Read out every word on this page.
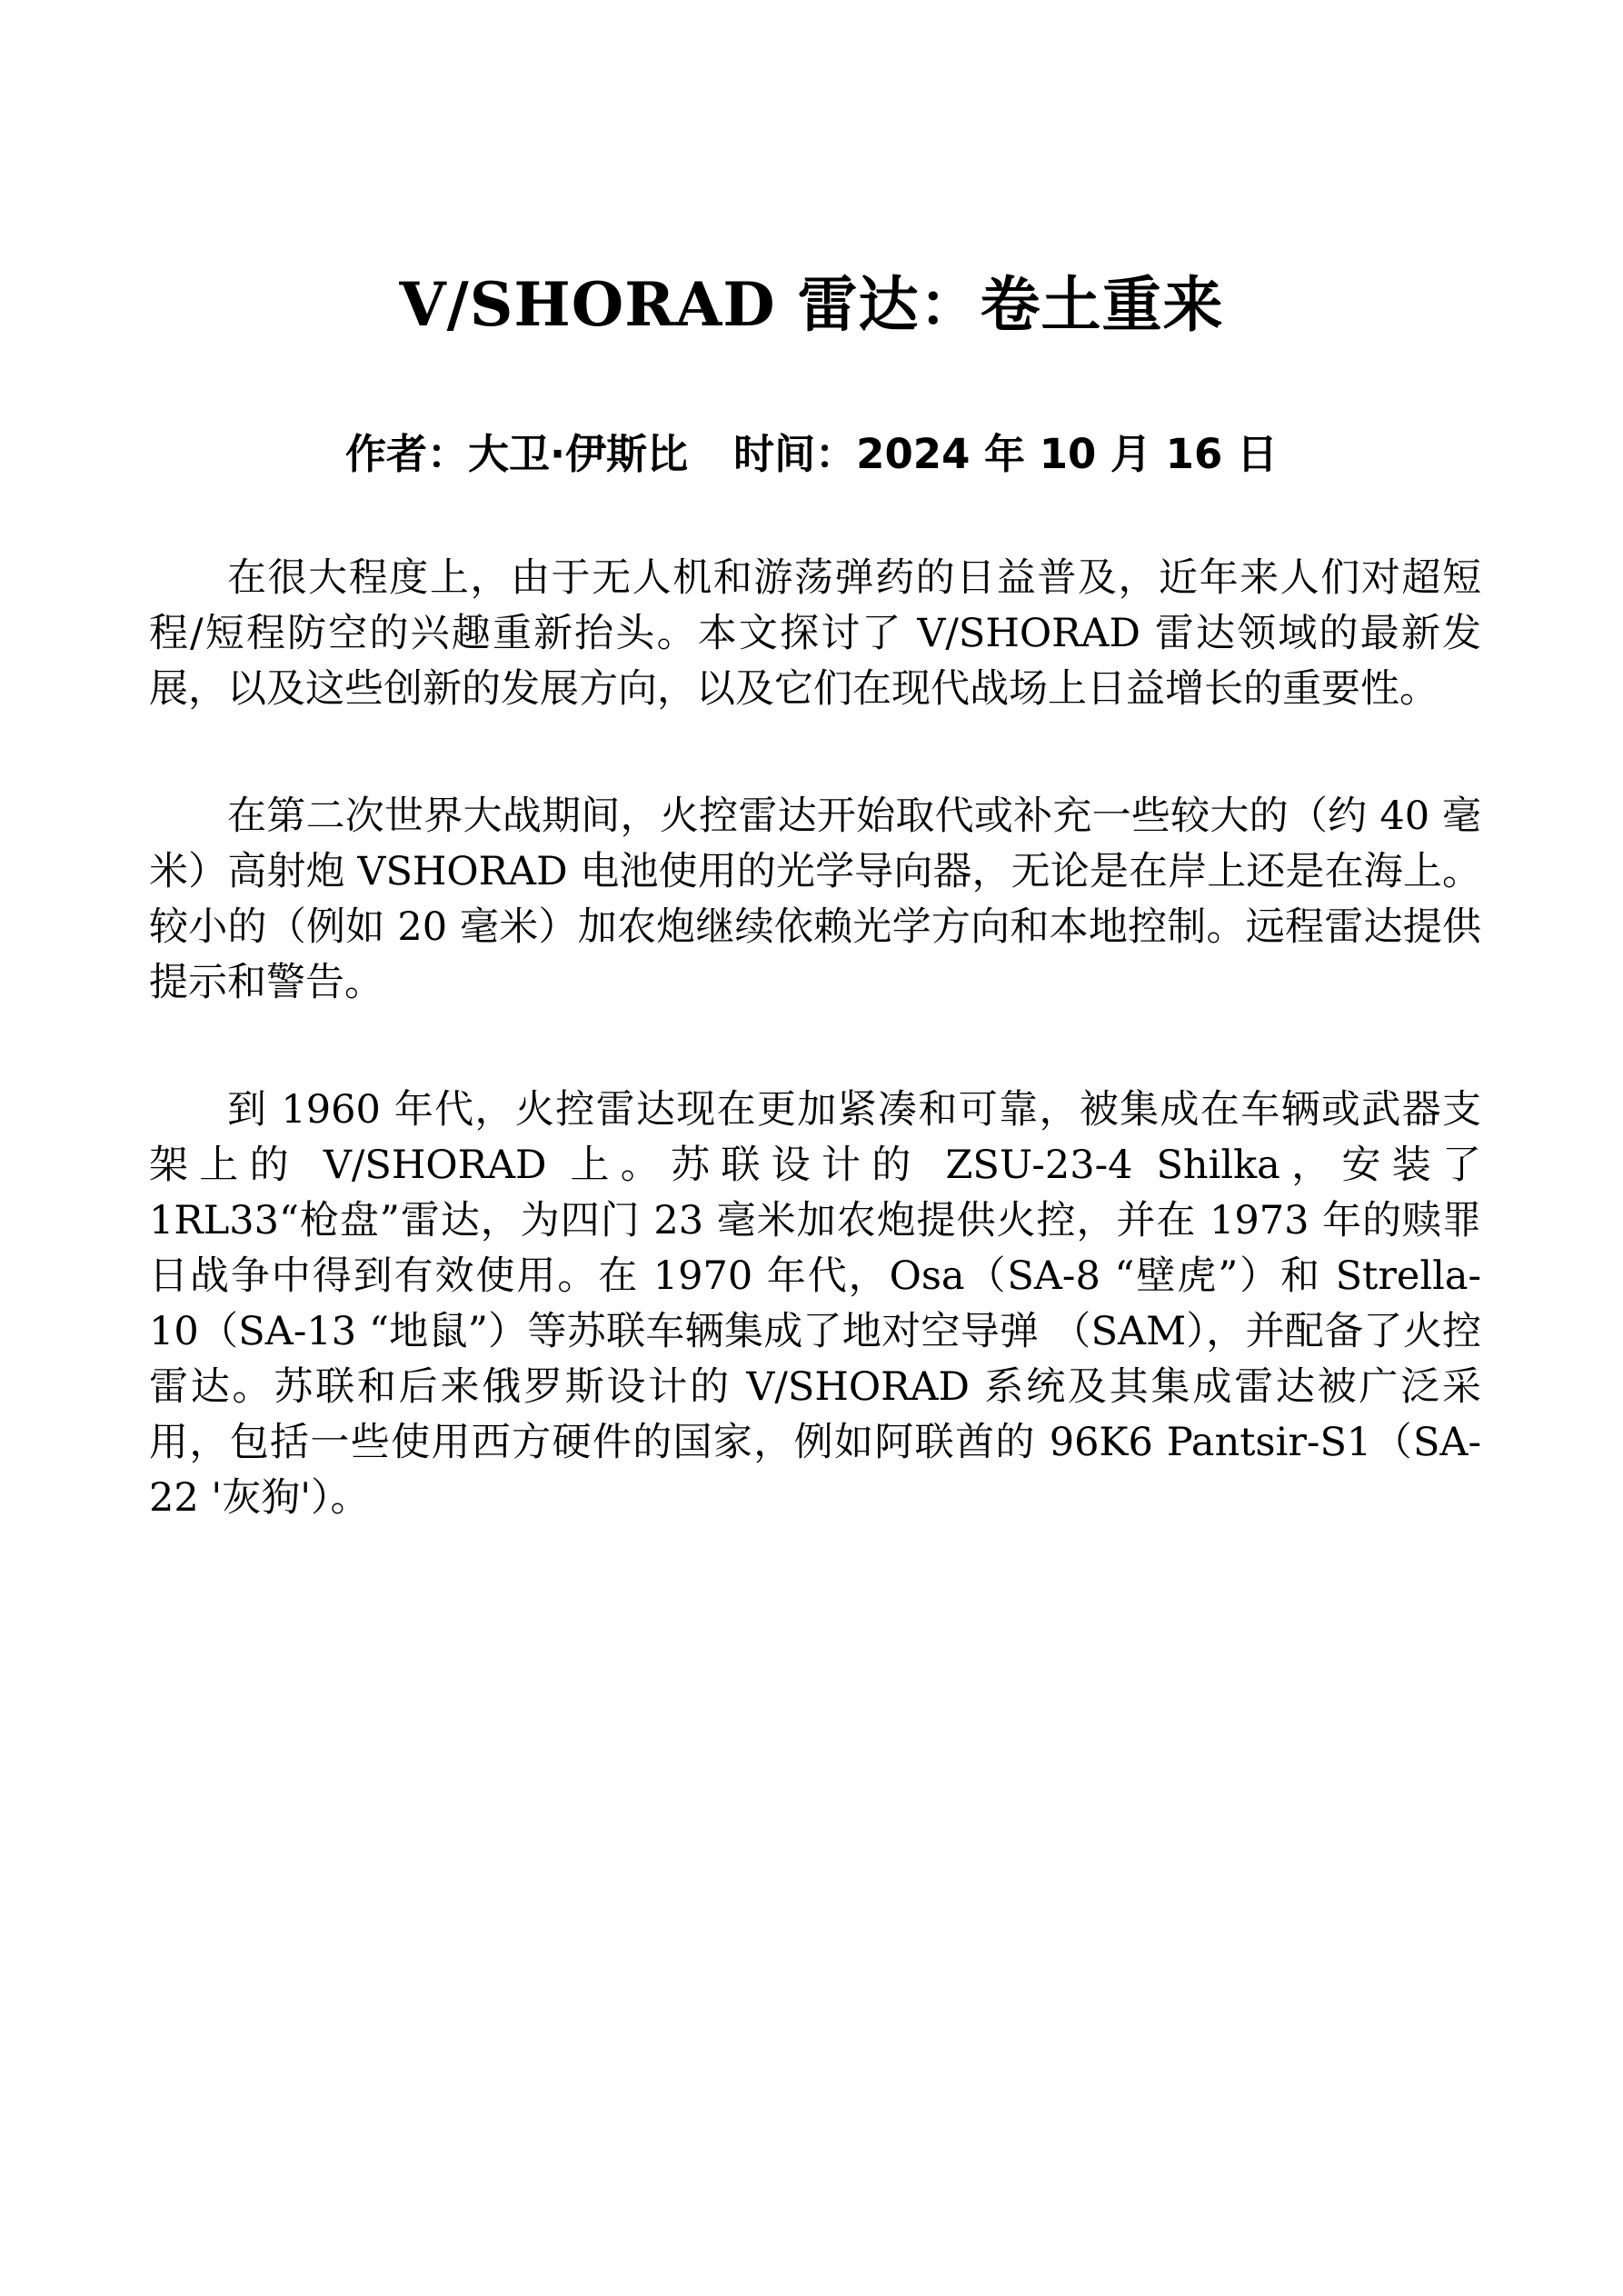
V/SHORAD 雷达：卷土重来
作者：大卫·伊斯比 时间：2024 年 10 月 16 日

在很大程度上，由于无人机和游荡弹药的日益普及，近年来人们对超短程/短程防空的兴趣重新抬头。本文探讨了 V/SHORAD 雷达领域的最新发展，以及这些创新的发展方向，以及它们在现代战场上日益增长的重要性。

在第二次世界大战期间，火控雷达开始取代或补充一些较大的（约 40 毫米）高射炮 VSHORAD 电池使用的光学导向器，无论是在岸上还是在海上。较小的（例如 20 毫米）加农炮继续依赖光学方向和本地控制。远程雷达提供提示和警告。

到 1960 年代，火控雷达现在更加紧凑和可靠，被集成在车辆或武器支架上的 V/SHORAD 上。苏联设计的 ZSU-23-4 Shilka，安装了 1RL33“枪盘”雷达，为四门 23 毫米加农炮提供火控，并在 1973 年的赎罪日战争中得到有效使用。在 1970 年代，Osa（SA-8 “壁虎”）和 Strella-10（SA-13 “地鼠”）等苏联车辆集成了地对空导弹 （SAM），并配备了火控雷达。苏联和后来俄罗斯设计的 V/SHORAD 系统及其集成雷达被广泛采用，包括一些使用西方硬件的国家，例如阿联酋的 96K6 Pantsir-S1（SA-22 '灰狗'）。
